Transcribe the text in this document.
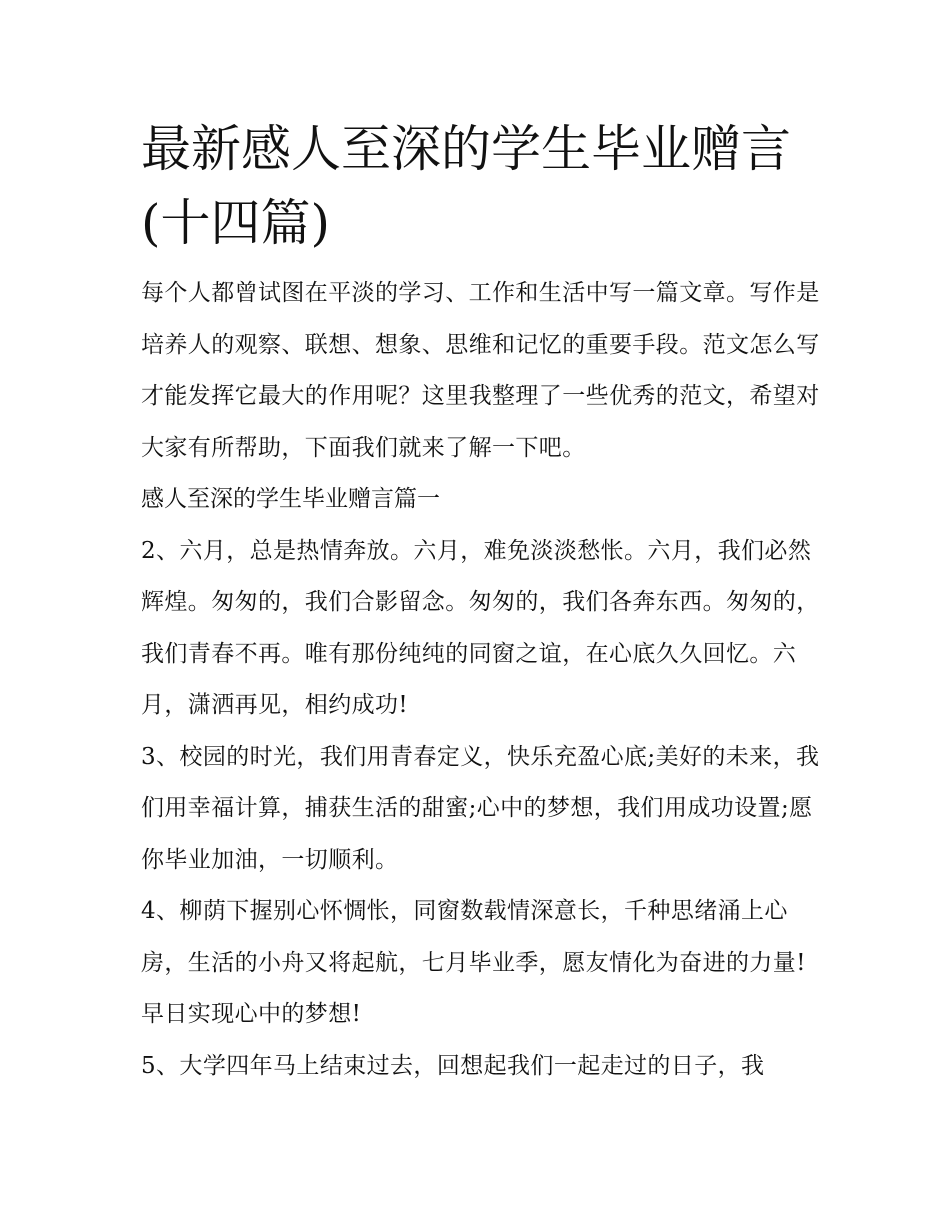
最新感人至深的学生毕业赠言(十四篇)

每个人都曾试图在平淡的学习、工作和生活中写一篇文章。写作是培养人的观察、联想、想象、思维和记忆的重要手段。范文怎么写才能发挥它最大的作用呢？这里我整理了一些优秀的范文，希望对大家有所帮助，下面我们就来了解一下吧。

感人至深的学生毕业赠言篇一

2、六月，总是热情奔放。六月，难免淡淡愁怅。六月，我们必然辉煌。匆匆的，我们合影留念。匆匆的，我们各奔东西。匆匆的，我们青春不再。唯有那份纯纯的同窗之谊，在心底久久回忆。六月，潇洒再见，相约成功!

3、校园的时光，我们用青春定义，快乐充盈心底;美好的未来，我们用幸福计算，捕获生活的甜蜜;心中的梦想，我们用成功设置;愿你毕业加油，一切顺利。

4、柳荫下握别心怀惆怅，同窗数载情深意长，千种思绪涌上心房，生活的小舟又将起航，七月毕业季，愿友情化为奋进的力量!早日实现心中的梦想!

5、大学四年马上结束过去，回想起我们一起走过的日子，我
